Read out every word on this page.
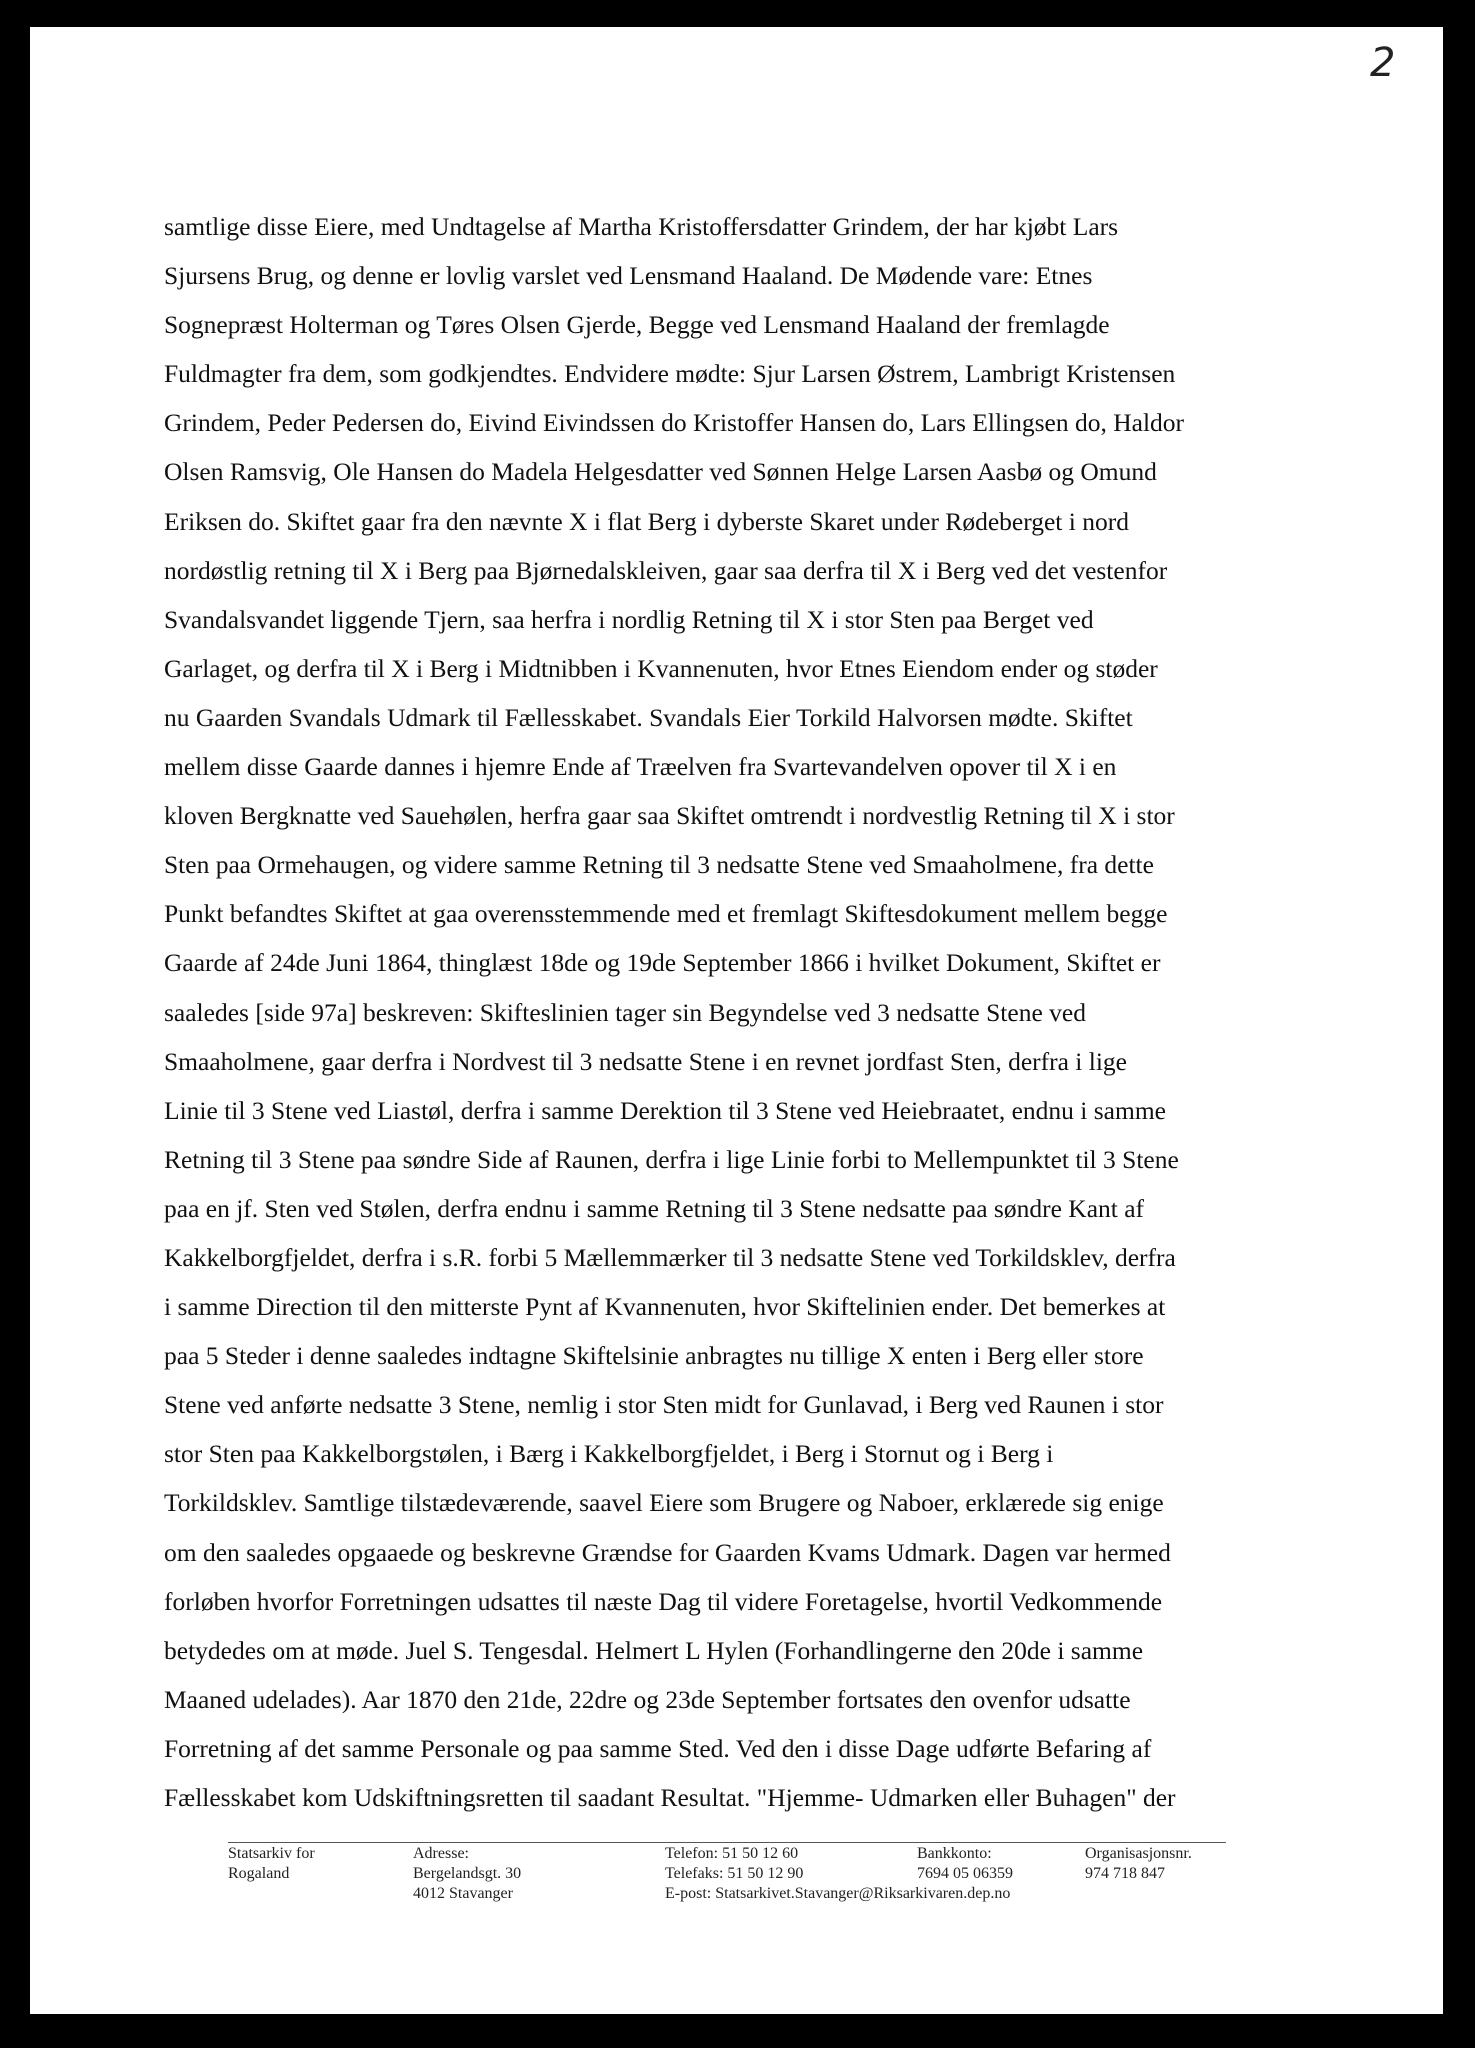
2
samtlige disse Eiere, med Undtagelse af Martha Kristoffersdatter Grindem, der har kjøbt Lars
Sjursens Brug, og denne er lovlig varslet ved Lensmand Haaland. De Mødende vare: Etnes
Sognepræst Holterman og Tøres Olsen Gjerde, Begge ved Lensmand Haaland der fremlagde
Fuldmagter fra dem, som godkjendtes. Endvidere mødte: Sjur Larsen Østrem, Lambrigt Kristensen
Grindem, Peder Pedersen do, Eivind Eivindssen do Kristoffer Hansen do, Lars Ellingsen do, Haldor
Olsen Ramsvig, Ole Hansen do Madela Helgesdatter ved Sønnen Helge Larsen Aasbø og Omund
Eriksen do. Skiftet gaar fra den nævnte X i flat Berg i dyberste Skaret under Rødeberget i nord
nordøstlig retning til X i Berg paa Bjørnedalskleiven, gaar saa derfra til X i Berg ved det vestenfor
Svandalsvandet liggende Tjern, saa herfra i nordlig Retning til X i stor Sten paa Berget ved
Garlaget, og derfra til X i Berg i Midtnibben i Kvannenuten, hvor Etnes Eiendom ender og støder
nu Gaarden Svandals Udmark til Fællesskabet. Svandals Eier Torkild Halvorsen mødte. Skiftet
mellem disse Gaarde dannes i hjemre Ende af Træelven fra Svartevandelven opover til X i en
kloven Bergknatte ved Sauehølen, herfra gaar saa Skiftet omtrendt i nordvestlig Retning til X i stor
Sten paa Ormehaugen, og videre samme Retning til 3 nedsatte Stene ved Smaaholmene, fra dette
Punkt befandtes Skiftet at gaa overensstemmende med et fremlagt Skiftesdokument mellem begge
Gaarde af 24de Juni 1864, thinglæst 18de og 19de September 1866 i hvilket Dokument, Skiftet er
saaledes [side 97a] beskreven: Skifteslinien tager sin Begyndelse ved 3 nedsatte Stene ved
Smaaholmene, gaar derfra i Nordvest til 3 nedsatte Stene i en revnet jordfast Sten, derfra i lige
Linie til 3 Stene ved Liastøl, derfra i samme Derektion til 3 Stene ved Heiebraatet, endnu i samme
Retning til 3 Stene paa søndre Side af Raunen, derfra i lige Linie forbi to Mellempunktet til 3 Stene
paa en jf. Sten ved Stølen, derfra endnu i samme Retning til 3 Stene nedsatte paa søndre Kant af
Kakkelborgfjeldet, derfra i s.R. forbi 5 Mællemmærker til 3 nedsatte Stene ved Torkildsklev, derfra
i samme Direction til den mitterste Pynt af Kvannenuten, hvor Skiftelinien ender. Det bemerkes at
paa 5 Steder i denne saaledes indtagne Skiftelsinie anbragtes nu tillige X enten i Berg eller store
Stene ved anførte nedsatte 3 Stene, nemlig i stor Sten midt for Gunlavad, i Berg ved Raunen i stor
stor Sten paa Kakkelborgstølen, i Bærg i Kakkelborgfjeldet, i Berg i Stornut og i Berg i
Torkildsklev. Samtlige tilstædeværende, saavel Eiere som Brugere og Naboer, erklærede sig enige
om den saaledes opgaaede og beskrevne Grændse for Gaarden Kvams Udmark. Dagen var hermed
forløben hvorfor Forretningen udsattes til næste Dag til videre Foretagelse, hvortil Vedkommende
betydedes om at møde. Juel S. Tengesdal. Helmert L Hylen (Forhandlingerne den 20de i samme
Maaned udelades). Aar 1870 den 21de, 22dre og 23de September fortsates den ovenfor udsatte
Forretning af det samme Personale og paa samme Sted. Ved den i disse Dage udførte Befaring af
Fællesskabet kom Udskiftningsretten til saadant Resultat. "Hjemme- Udmarken eller Buhagen" der
Statsarkiv for
Rogaland
Adresse:
Bergelandsgt. 30
4012 Stavanger
Telefon: 51 50 12 60
Telefaks: 51 50 12 90
E-post: Statsarkivet.Stavanger@Riksarkivaren.dep.no
Bankkonto:
7694 05 06359
Organisasjonsnr.
974 718 847
